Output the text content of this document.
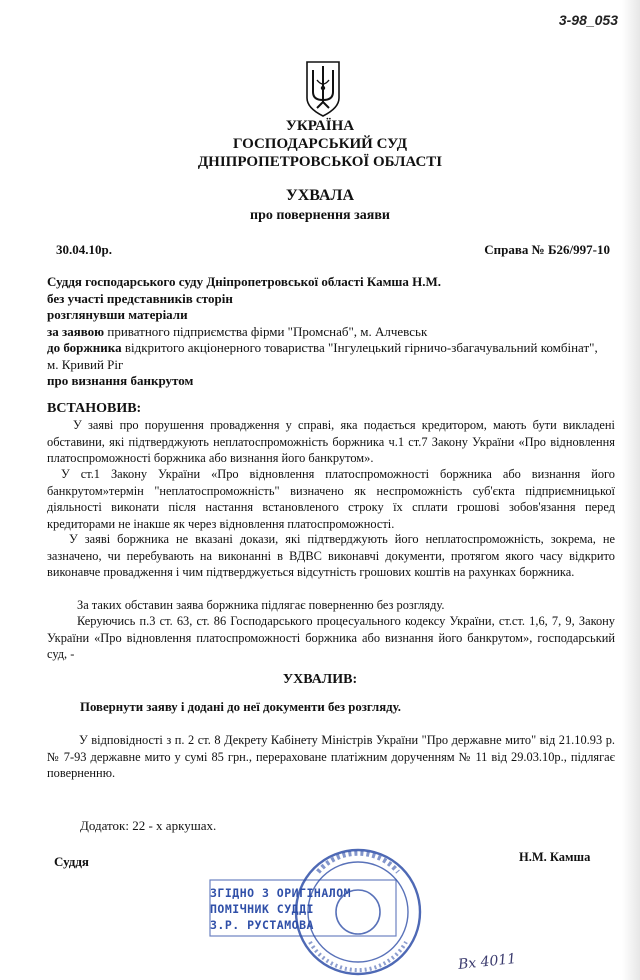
3-98_053
УКРАЇНА
ГОСПОДАРСЬКИЙ СУД
ДНІПРОПЕТРОВСЬКОЇ ОБЛАСТІ
УХВАЛА
про повернення заяви
30.04.10р.	Справа № Б26/997-10
Суддя господарського суду Дніпропетровської області Камша Н.М.
без участі представників сторін
розглянувши матеріали
за заявою приватного підприємства фірми "Промснаб", м. Алчевськ
до боржника відкритого акціонерного товариства "Інгулецький гірничо-збагачувальний комбінат", м. Кривий Ріг
про визнання банкрутом
ВСТАНОВИВ:
У заяві про порушення провадження у справі, яка подається кредитором, мають бути викладені обставини, які підтверджують неплатоспроможність боржника ч.1 ст.7 Закону України «Про відновлення платоспроможності боржника або визнання його банкрутом».
У ст.1 Закону України «Про відновлення платоспроможності боржника або визнання його банкрутом»термін "неплатоспроможність" визначено як неспроможність суб'єкта підприємницької діяльності виконати після настання встановленого строку їх сплати грошові зобов'язання перед кредиторами не інакше як через відновлення платоспроможності.
У заяві боржника не вказані докази, які підтверджують його неплатоспроможність, зокрема, не зазначено, чи перебувають на виконанні в ВДВС виконавчі документи, протягом якого часу відкрито виконавче провадження і чим підтверджується відсутність грошових коштів на рахунках боржника.
За таких обставин заява боржника підлягає поверненню без розгляду.
Керуючись п.3 ст. 63, ст. 86 Господарського процесуального кодексу України, ст.ст. 1,6, 7, 9, Закону України «Про відновлення платоспроможності боржника або визнання його банкрутом», господарський суд, -
УХВАЛИВ:
Повернути заяву і додані до неї документи без розгляду.
У відповідності з п. 2 ст. 8 Декрету Кабінету Міністрів України "Про державне мито" від 21.10.93 р. № 7-93 державне мито у сумі 85 грн., перераховане платіжним дорученням № 11 від 29.03.10р., підлягає поверненню.
Додаток: 22 - х аркушах.
Суддя	Н.М. Камша
ЗГІДНО З ОРИГІНАЛОМ
ПОМІЧНИК СУДДІ
З.Р. РУСТАМОВА
Вх 4011
